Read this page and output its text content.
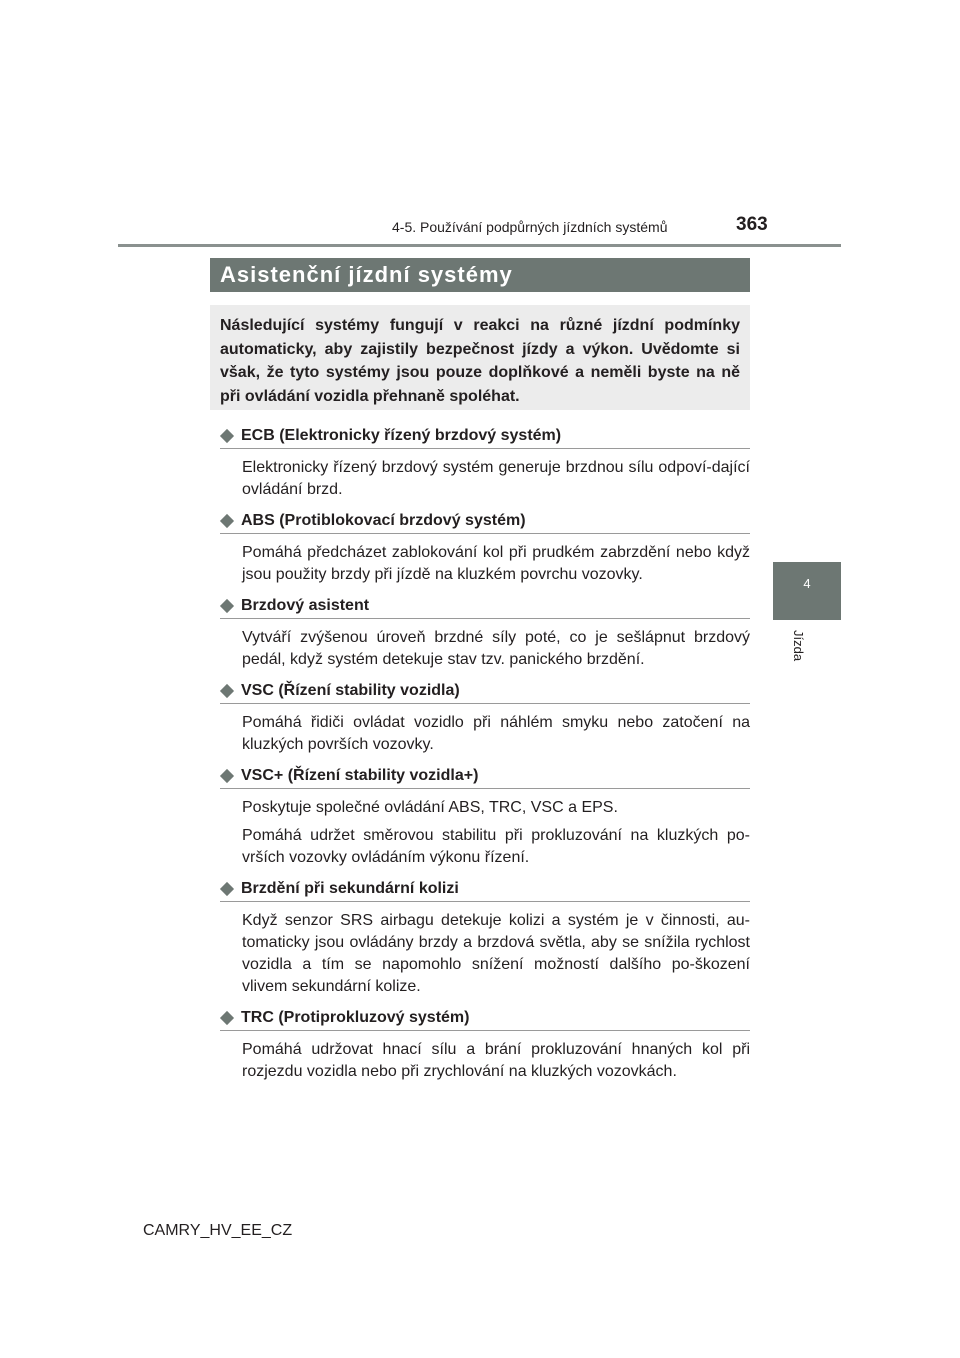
4-5. Používání podpůrných jízdních systémů	363
4
Jízda
Asistenční jízdní systémy
Následující systémy fungují v reakci na různé jízdní podmínky automaticky, aby zajistily bezpečnost jízdy a výkon. Uvědomte si však, že tyto systémy jsou pouze doplňkové a neměli byste na ně při ovládání vozidla přehnaně spoléhat.
ECB (Elektronicky řízený brzdový systém)

Elektronicky řízený brzdový systém generuje brzdnou sílu odpoví-dající ovládání brzd.

ABS (Protiblokovací brzdový systém)

Pomáhá předcházet zablokování kol při prudkém zabrzdění nebo když jsou použity brzdy při jízdě na kluzkém povrchu vozovky.

Brzdový asistent

Vytváří zvýšenou úroveň brzdné síly poté, co je sešlápnut brzdový pedál, když systém detekuje stav tzv. panického brzdění.

VSC (Řízení stability vozidla)

Pomáhá řidiči ovládat vozidlo při náhlém smyku nebo zatočení na kluzkých površích vozovky.

VSC+ (Řízení stability vozidla+)

Poskytuje společné ovládání ABS, TRC, VSC a EPS.

Pomáhá udržet směrovou stabilitu při prokluzování na kluzkých po-vrších vozovky ovládáním výkonu řízení.

Brzdění při sekundární kolizi

Když senzor SRS airbagu detekuje kolizi a systém je v činnosti, au-tomaticky jsou ovládány brzdy a brzdová světla, aby se snížila rychlost vozidla a tím se napomohlo snížení možností dalšího po-škození vlivem sekundární kolize.

TRC (Protiprokluzový systém)

Pomáhá udržovat hnací sílu a brání prokluzování hnaných kol při rozjezdu vozidla nebo při zrychlování na kluzkých vozovkách.

CAMRY_HV_EE_CZ
